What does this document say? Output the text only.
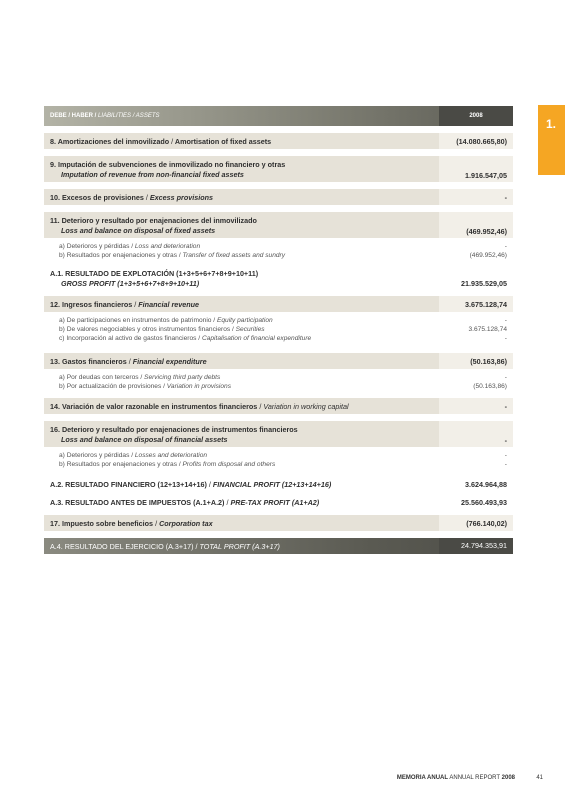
1.
DEBE / HABER / LIABILITIES / ASSETS	2008
8. Amortizaciones del inmovilizado / Amortisation of fixed assets	(14.080.665,80)
9. Imputación de subvenciones de inmovilizado no financiero y otras
Imputation of revenue from non-financial fixed assets	1.916.547,05
10. Excesos de provisiones / Excess provisions	-
11. Deterioro y resultado por enajenaciones del inmovilizado
Loss and balance on disposal of fixed assets	(469.952,46)
a) Deterioros y pérdidas / Loss and deterioration	-
b) Resultados por enajenaciones y otras / Transfer of fixed assets and sundry	(469.952,46)
A.1. RESULTADO DE EXPLOTACIÓN (1+3+5+6+7+8+9+10+11)
GROSS PROFIT (1+3+5+6+7+8+9+10+11)	21.935.529,05
12. Ingresos financieros / Financial revenue	3.675.128,74
a) De participaciones en instrumentos de patrimonio / Equity participation	-
b) De valores negociables y otros instrumentos financieros / Securities	3.675.128,74
c) Incorporación al activo de gastos financieros / Capitalisation of financial expenditure	-
13. Gastos financieros / Financial expenditure	(50.163,86)
a) Por deudas con terceros / Servicing third party debts	-
b) Por actualización de provisiones / Variation in provisions	(50.163,86)
14. Variación de valor razonable en instrumentos financieros / Variation in working capital	-
16. Deterioro y resultado por enajenaciones de instrumentos financieros
Loss and balance on disposal of financial assets	-
a) Deterioros y pérdidas / Losses and deterioration	-
b) Resultados por enajenaciones y otras / Profits from disposal and others	-
A.2. RESULTADO FINANCIERO (12+13+14+16) / FINANCIAL PROFIT (12+13+14+16)	3.624.964,88
A.3. RESULTADO ANTES DE IMPUESTOS (A.1+A.2) / PRE-TAX PROFIT (A1+A2)	25.560.493,93
17. Impuesto sobre beneficios / Corporation tax	(766.140,02)
A.4. RESULTADO DEL EJERCICIO (A.3+17) / TOTAL PROFIT (A.3+17)	24.794.353,91
MEMORIA ANUAL ANNUAL REPORT 2008	41
